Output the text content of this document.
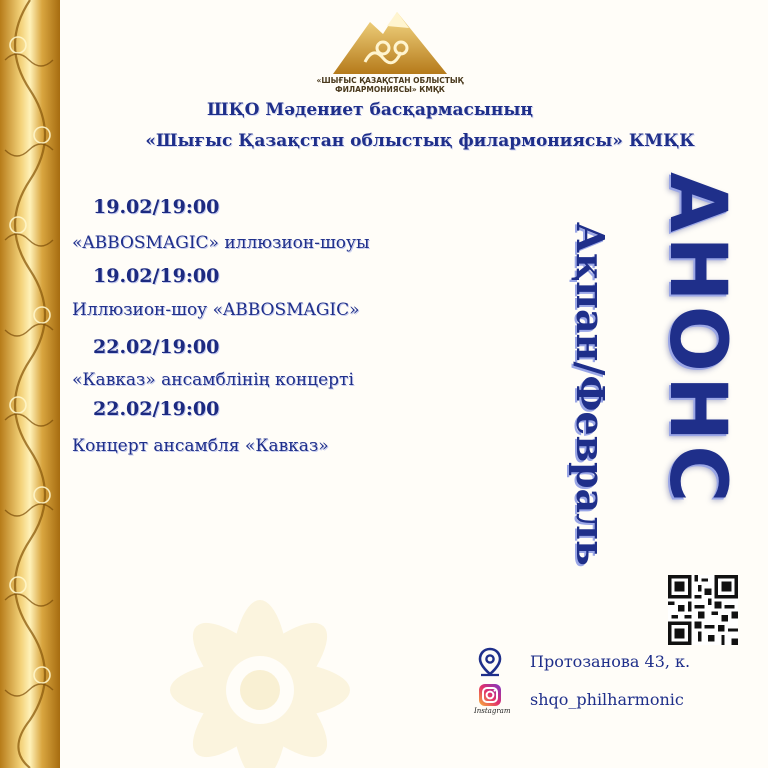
«ШЫҒЫС ҚАЗАҚСТАН ОБЛЫСТЫҚ
ФИЛАРМОНИЯСЫ» КМҚК
ШҚО Мәдениет басқармасының
«Шығыс Қазақстан облыстық филармониясы» КМҚК
19.02/19:00
«ABBOSMAGIC» иллюзион-шоуы
19.02/19:00
Иллюзион-шоу «ABBOSMAGIC»
22.02/19:00
«Кавказ» ансамблінің концерті
22.02/19:00
Концерт ансамбля «Кавказ»	АНОНС
Ақпан/Февраль
Протозанова 43, к.
Instagram
shqo_philharmonic
